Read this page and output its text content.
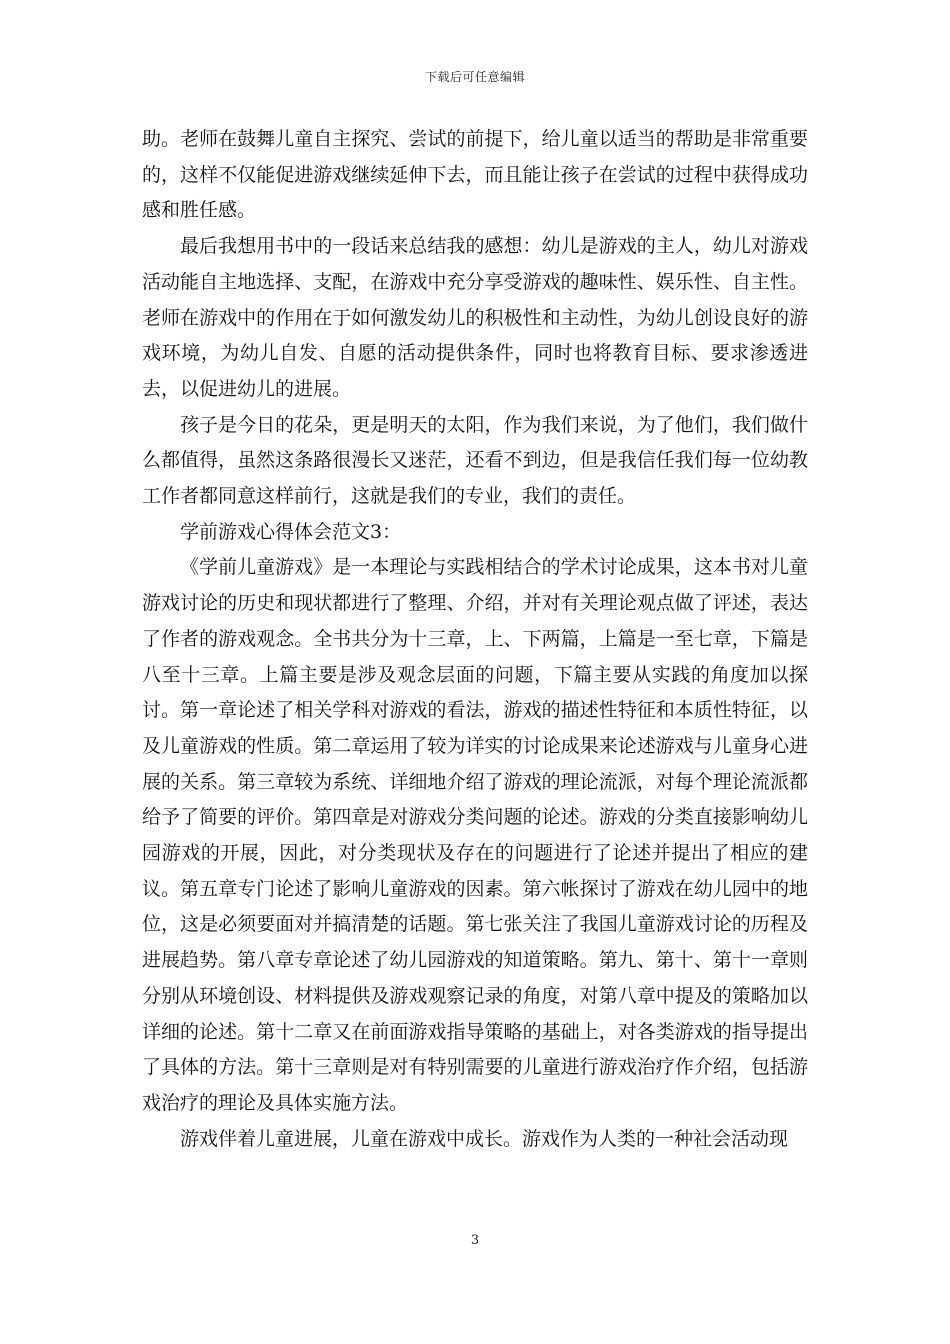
下载后可任意编辑

助。老师在鼓舞儿童自主探究、尝试的前提下，给儿童以适当的帮助是非常重要的，这样不仅能促进游戏继续延伸下去，而且能让孩子在尝试的过程中获得成功感和胜任感。

最后我想用书中的一段话来总结我的感想：幼儿是游戏的主人，幼儿对游戏活动能自主地选择、支配，在游戏中充分享受游戏的趣味性、娱乐性、自主性。老师在游戏中的作用在于如何激发幼儿的积极性和主动性，为幼儿创设良好的游戏环境，为幼儿自发、自愿的活动提供条件，同时也将教育目标、要求渗透进去，以促进幼儿的进展。

孩子是今日的花朵，更是明天的太阳，作为我们来说，为了他们，我们做什么都值得，虽然这条路很漫长又迷茫，还看不到边，但是我信任我们每一位幼教工作者都同意这样前行，这就是我们的专业，我们的责任。

学前游戏心得体会范文3：

《学前儿童游戏》是一本理论与实践相结合的学术讨论成果，这本书对儿童游戏讨论的历史和现状都进行了整理、介绍，并对有关理论观点做了评述，表达了作者的游戏观念。全书共分为十三章，上、下两篇，上篇是一至七章，下篇是八至十三章。上篇主要是涉及观念层面的问题，下篇主要从实践的角度加以探讨。第一章论述了相关学科对游戏的看法，游戏的描述性特征和本质性特征，以及儿童游戏的性质。第二章运用了较为详实的讨论成果来论述游戏与儿童身心进展的关系。第三章较为系统、详细地介绍了游戏的理论流派，对每个理论流派都给予了简要的评价。第四章是对游戏分类问题的论述。游戏的分类直接影响幼儿园游戏的开展，因此，对分类现状及存在的问题进行了论述并提出了相应的建议。第五章专门论述了影响儿童游戏的因素。第六帐探讨了游戏在幼儿园中的地位，这是必须要面对并搞清楚的话题。第七张关注了我国儿童游戏讨论的历程及进展趋势。第八章专章论述了幼儿园游戏的知道策略。第九、第十、第十一章则分别从环境创设、材料提供及游戏观察记录的角度，对第八章中提及的策略加以详细的论述。第十二章又在前面游戏指导策略的基础上，对各类游戏的指导提出了具体的方法。第十三章则是对有特别需要的儿童进行游戏治疗作介绍，包括游戏治疗的理论及具体实施方法。

游戏伴着儿童进展，儿童在游戏中成长。游戏作为人类的一种社会活动现

3
